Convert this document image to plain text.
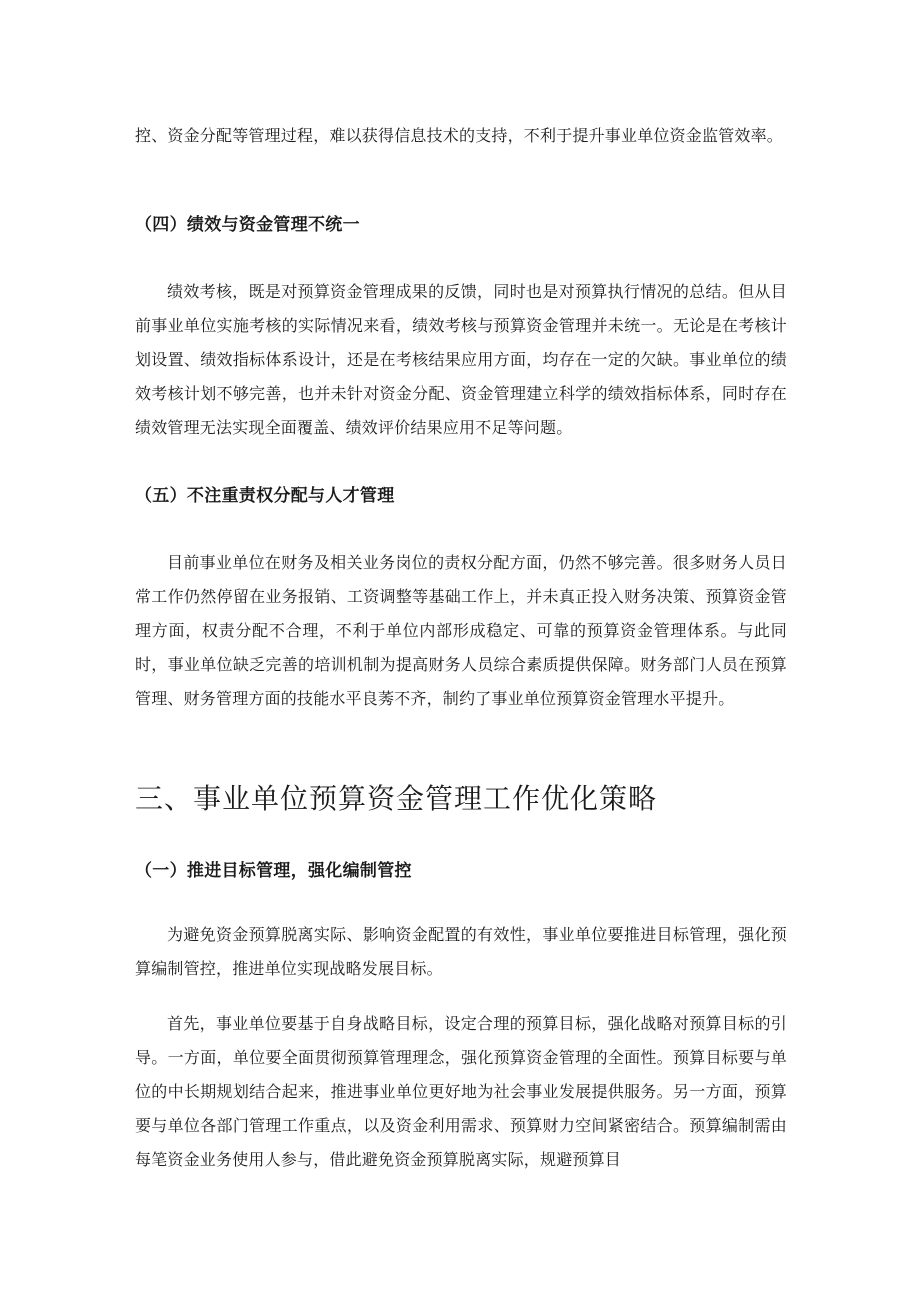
控、资金分配等管理过程，难以获得信息技术的支持，不利于提升事业单位资金监管效率。

（四）绩效与资金管理不统一

绩效考核，既是对预算资金管理成果的反馈，同时也是对预算执行情况的总结。但从目前事业单位实施考核的实际情况来看，绩效考核与预算资金管理并未统一。无论是在考核计划设置、绩效指标体系设计，还是在考核结果应用方面，均存在一定的欠缺。事业单位的绩效考核计划不够完善，也并未针对资金分配、资金管理建立科学的绩效指标体系，同时存在绩效管理无法实现全面覆盖、绩效评价结果应用不足等问题。

（五）不注重责权分配与人才管理

目前事业单位在财务及相关业务岗位的责权分配方面，仍然不够完善。很多财务人员日常工作仍然停留在业务报销、工资调整等基础工作上，并未真正投入财务决策、预算资金管理方面，权责分配不合理，不利于单位内部形成稳定、可靠的预算资金管理体系。与此同时，事业单位缺乏完善的培训机制为提高财务人员综合素质提供保障。财务部门人员在预算管理、财务管理方面的技能水平良莠不齐，制约了事业单位预算资金管理水平提升。

三、事业单位预算资金管理工作优化策略
（一）推进目标管理，强化编制管控

为避免资金预算脱离实际、影响资金配置的有效性，事业单位要推进目标管理，强化预算编制管控，推进单位实现战略发展目标。

首先，事业单位要基于自身战略目标，设定合理的预算目标，强化战略对预算目标的引导。一方面，单位要全面贯彻预算管理理念，强化预算资金管理的全面性。预算目标要与单位的中长期规划结合起来，推进事业单位更好地为社会事业发展提供服务。另一方面，预算要与单位各部门管理工作重点，以及资金利用需求、预算财力空间紧密结合。预算编制需由每笔资金业务使用人参与，借此避免资金预算脱离实际，规避预算目
